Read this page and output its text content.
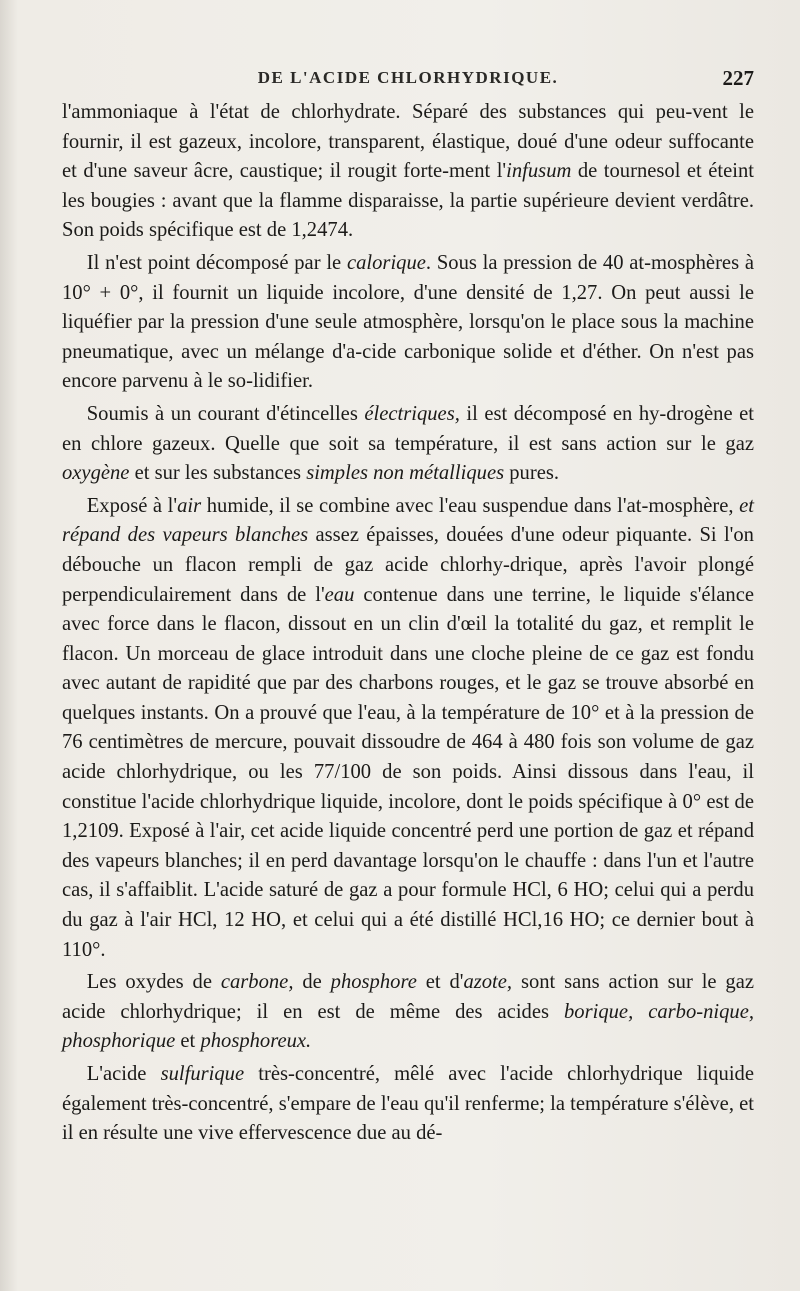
DE L'ACIDE CHLORHYDRIQUE.	227

l'ammoniaque à l'état de chlorhydrate. Séparé des substances qui peu-vent le fournir, il est gazeux, incolore, transparent, élastique, doué d'une odeur suffocante et d'une saveur âcre, caustique; il rougit forte-ment l'infusum de tournesol et éteint les bougies : avant que la flamme disparaisse, la partie supérieure devient verdâtre. Son poids spécifique est de 1,2474.

Il n'est point décomposé par le calorique. Sous la pression de 40 at-mosphères à 10° + 0°, il fournit un liquide incolore, d'une densité de 1,27. On peut aussi le liquéfier par la pression d'une seule atmosphère, lorsqu'on le place sous la machine pneumatique, avec un mélange d'a-cide carbonique solide et d'éther. On n'est pas encore parvenu à le so-lidifier.

Soumis à un courant d'étincelles électriques, il est décomposé en hy-drogène et en chlore gazeux. Quelle que soit sa température, il est sans action sur le gaz oxygène et sur les substances simples non métalliques pures.

Exposé à l'air humide, il se combine avec l'eau suspendue dans l'at-mosphère, et répand des vapeurs blanches assez épaisses, douées d'une odeur piquante. Si l'on débouche un flacon rempli de gaz acide chlorhy-drique, après l'avoir plongé perpendiculairement dans de l'eau contenue dans une terrine, le liquide s'élance avec force dans le flacon, dissout en un clin d'œil la totalité du gaz, et remplit le flacon. Un morceau de glace introduit dans une cloche pleine de ce gaz est fondu avec autant de rapidité que par des charbons rouges, et le gaz se trouve absorbé en quelques instants. On a prouvé que l'eau, à la température de 10° et à la pression de 76 centimètres de mercure, pouvait dissoudre de 464 à 480 fois son volume de gaz acide chlorhydrique, ou les 77/100 de son poids. Ainsi dissous dans l'eau, il constitue l'acide chlorhydrique liquide, incolore, dont le poids spécifique à 0° est de 1,2109. Exposé à l'air, cet acide liquide concentré perd une portion de gaz et répand des vapeurs blanches; il en perd davantage lorsqu'on le chauffe : dans l'un et l'autre cas, il s'affaiblit. L'acide saturé de gaz a pour formule HCl, 6 HO; celui qui a perdu du gaz à l'air HCl, 12 HO, et celui qui a été distillé HCl,16 HO; ce dernier bout à 110°.

Les oxydes de carbone, de phosphore et d'azote, sont sans action sur le gaz acide chlorhydrique; il en est de même des acides borique, carbo-nique, phosphorique et phosphoreux.

L'acide sulfurique très-concentré, mêlé avec l'acide chlorhydrique liquide également très-concentré, s'empare de l'eau qu'il renferme; la température s'élève, et il en résulte une vive effervescence due au dé-
